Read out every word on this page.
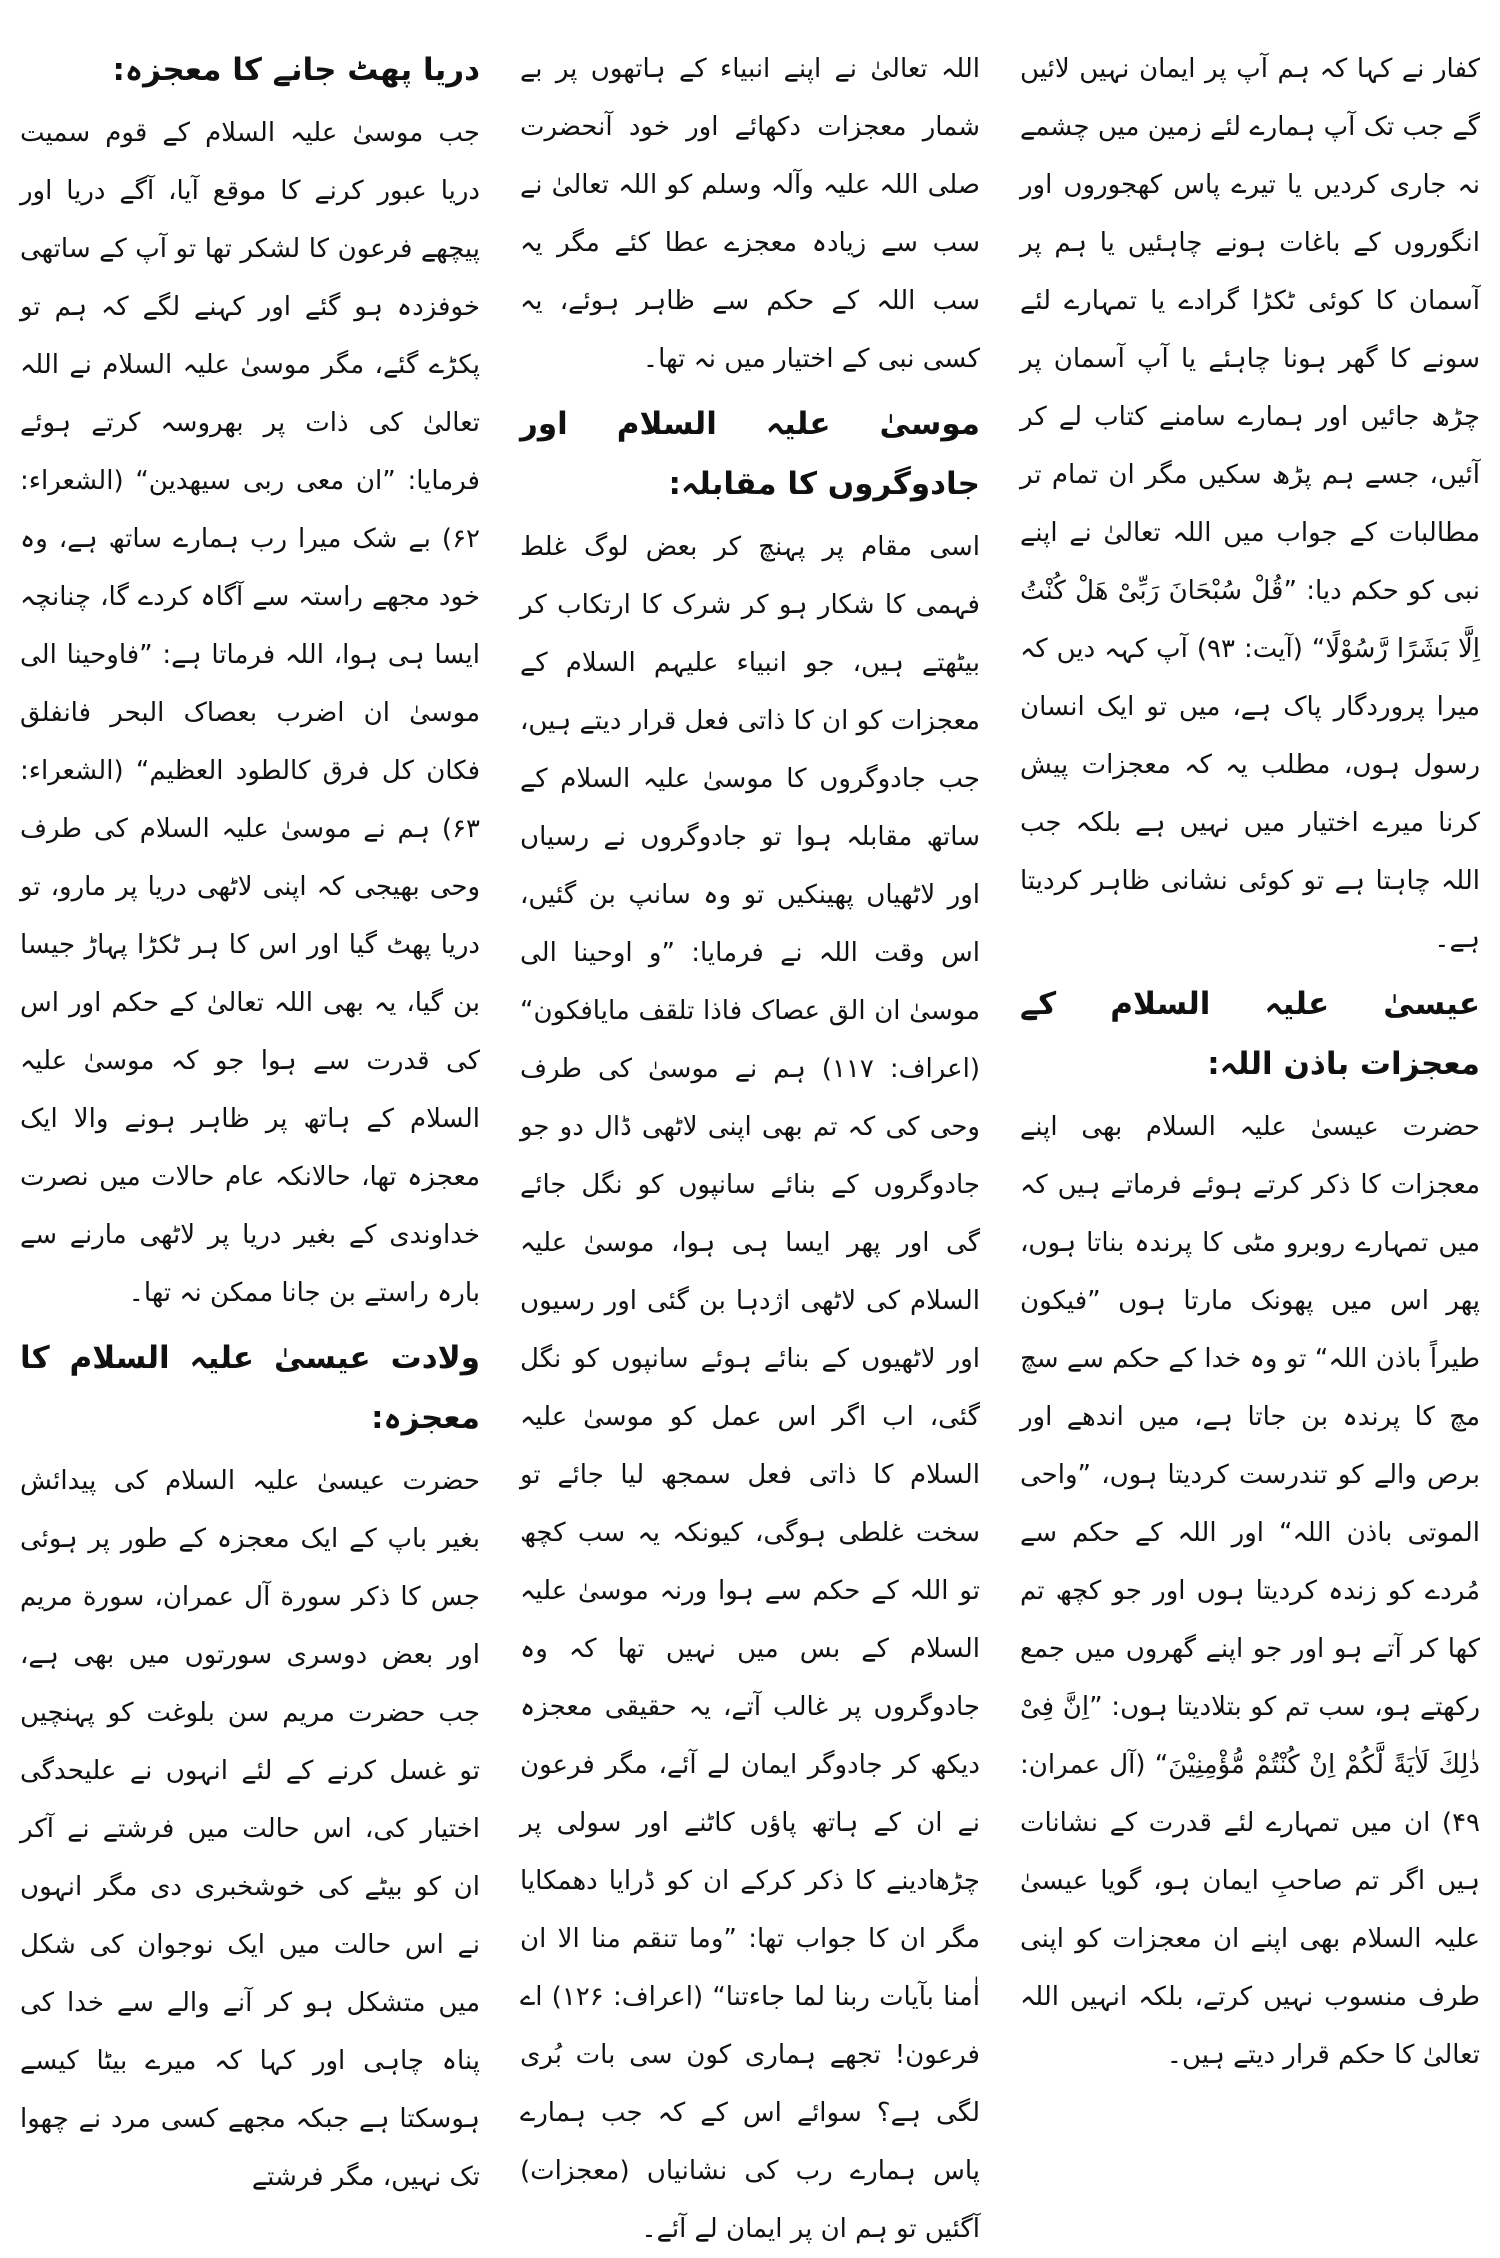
کفار نے کہا کہ ہم آپ پر ایمان نہیں لائیں گے جب تک آپ ہمارے لئے زمین میں چشمے نہ جاری کردیں یا تیرے پاس کھجوروں اور انگوروں کے باغات ہونے چاہئیں یا ہم پر آسمان کا کوئی ٹکڑا گرادے یا تمہارے لئے سونے کا گھر ہونا چاہئے یا آپ آسمان پر چڑھ جائیں اور ہمارے سامنے کتاب لے کر آئیں، جسے ہم پڑھ سکیں مگر ان تمام تر مطالبات کے جواب میں اللہ تعالیٰ نے اپنے نبی کو حکم دیا: ”قُلْ سُبْحَانَ رَبِّیْ هَلْ كُنْتُ اِلَّا بَشَرًا رَّسُوْلًا“ (آیت: ۹۳) آپ کہہ دیں کہ میرا پروردگار پاک ہے، میں تو ایک انسان رسول ہوں، مطلب یہ کہ معجزات پیش کرنا میرے اختیار میں نہیں ہے بلکہ جب اللہ چاہتا ہے تو کوئی نشانی ظاہر کردیتا ہے۔

عیسیٰ علیہ السلام کے معجزات باذن اللہ:

حضرت عیسیٰ علیہ السلام بھی اپنے معجزات کا ذکر کرتے ہوئے فرماتے ہیں کہ میں تمہارے روبرو مٹی کا پرندہ بناتا ہوں، پھر اس میں پھونک مارتا ہوں ”فیکون طیراً باذن اللہ“ تو وہ خدا کے حکم سے سچ مچ کا پرندہ بن جاتا ہے، میں اندھے اور برص والے کو تندرست کردیتا ہوں، ”واحی الموتی باذن اللہ“ اور اللہ کے حکم سے مُردے کو زندہ کردیتا ہوں اور جو کچھ تم کھا کر آتے ہو اور جو اپنے گھروں میں جمع رکھتے ہو، سب تم کو بتلادیتا ہوں: ”اِنَّ فِیْ ذٰلِكَ لَاٰیَةً لَّكُمْ اِنْ كُنْتُمْ مُّؤْمِنِیْنَ“ (آل عمران: ۴۹) ان میں تمہارے لئے قدرت کے نشانات ہیں اگر تم صاحبِ ایمان ہو، گویا عیسیٰ علیہ السلام بھی اپنے ان معجزات کو اپنی طرف منسوب نہیں کرتے، بلکہ انہیں اللہ تعالیٰ کا حکم قرار دیتے ہیں۔

اللہ تعالیٰ نے اپنے انبیاء کے ہاتھوں پر بے شمار معجزات دکھائے اور خود آنحضرت صلی اللہ علیہ وآلہ وسلم کو اللہ تعالیٰ نے سب سے زیادہ معجزے عطا کئے مگر یہ سب اللہ کے حکم سے ظاہر ہوئے، یہ کسی نبی کے اختیار میں نہ تھا۔

موسیٰ علیہ السلام اور جادوگروں کا مقابلہ:

اسی مقام پر پہنچ کر بعض لوگ غلط فہمی کا شکار ہو کر شرک کا ارتکاب کر بیٹھتے ہیں، جو انبیاء علیہم السلام کے معجزات کو ان کا ذاتی فعل قرار دیتے ہیں، جب جادوگروں کا موسیٰ علیہ السلام کے ساتھ مقابلہ ہوا تو جادوگروں نے رسیاں اور لاٹھیاں پھینکیں تو وہ سانپ بن گئیں، اس وقت اللہ نے فرمایا: ”و اوحینا الی موسیٰ ان الق عصاک فاذا تلقف مایافکون“ (اعراف: ۱۱۷) ہم نے موسیٰ کی طرف وحی کی کہ تم بھی اپنی لاٹھی ڈال دو جو جادوگروں کے بنائے سانپوں کو نگل جائے گی اور پھر ایسا ہی ہوا، موسیٰ علیہ السلام کی لاٹھی اژدہا بن گئی اور رسیوں اور لاٹھیوں کے بنائے ہوئے سانپوں کو نگل گئی، اب اگر اس عمل کو موسیٰ علیہ السلام کا ذاتی فعل سمجھ لیا جائے تو سخت غلطی ہوگی، کیونکہ یہ سب کچھ تو اللہ کے حکم سے ہوا ورنہ موسیٰ علیہ السلام کے بس میں نہیں تھا کہ وہ جادوگروں پر غالب آتے، یہ حقیقی معجزہ دیکھ کر جادوگر ایمان لے آئے، مگر فرعون نے ان کے ہاتھ پاؤں کاٹنے اور سولی پر چڑھادینے کا ذکر کرکے ان کو ڈرایا دھمکایا مگر ان کا جواب تھا: ”وما تنقم منا الا ان اٰمنا بآیات ربنا لما جاءتنا“ (اعراف: ۱۲۶) اے فرعون! تجھے ہماری کون سی بات بُری لگی ہے؟ سوائے اس کے کہ جب ہمارے پاس ہمارے رب کی نشانیاں (معجزات) آگئیں تو ہم ان پر ایمان لے آئے۔

دریا پھٹ جانے کا معجزہ:

جب موسیٰ علیہ السلام کے قوم سمیت دریا عبور کرنے کا موقع آیا، آگے دریا اور پیچھے فرعون کا لشکر تھا تو آپ کے ساتھی خوفزدہ ہو گئے اور کہنے لگے کہ ہم تو پکڑے گئے، مگر موسیٰ علیہ السلام نے اللہ تعالیٰ کی ذات پر بھروسہ کرتے ہوئے فرمایا: ”ان معی ربی سیھدین“ (الشعراء: ۶۲) بے شک میرا رب ہمارے ساتھ ہے، وہ خود مجھے راستہ سے آگاہ کردے گا، چنانچہ ایسا ہی ہوا، اللہ فرماتا ہے: ”فاوحینا الی موسیٰ ان اضرب بعصاک البحر فانفلق فکان کل فرق کالطود العظیم“ (الشعراء: ۶۳) ہم نے موسیٰ علیہ السلام کی طرف وحی بھیجی کہ اپنی لاٹھی دریا پر مارو، تو دریا پھٹ گیا اور اس کا ہر ٹکڑا پہاڑ جیسا بن گیا، یہ بھی اللہ تعالیٰ کے حکم اور اس کی قدرت سے ہوا جو کہ موسیٰ علیہ السلام کے ہاتھ پر ظاہر ہونے والا ایک معجزہ تھا، حالانکہ عام حالات میں نصرت خداوندی کے بغیر دریا پر لاٹھی مارنے سے بارہ راستے بن جانا ممکن نہ تھا۔

ولادت عیسیٰ علیہ السلام کا معجزہ:

حضرت عیسیٰ علیہ السلام کی پیدائش بغیر باپ کے ایک معجزہ کے طور پر ہوئی جس کا ذکر سورة آل عمران، سورة مریم اور بعض دوسری سورتوں میں بھی ہے، جب حضرت مریم سن بلوغت کو پہنچیں تو غسل کرنے کے لئے انہوں نے علیحدگی اختیار کی، اس حالت میں فرشتے نے آکر ان کو بیٹے کی خوشخبری دی مگر انہوں نے اس حالت میں ایک نوجوان کی شکل میں متشکل ہو کر آنے والے سے خدا کی پناہ چاہی اور کہا کہ میرے بیٹا کیسے ہوسکتا ہے جبکہ مجھے کسی مرد نے چھوا تک نہیں، مگر فرشتے
